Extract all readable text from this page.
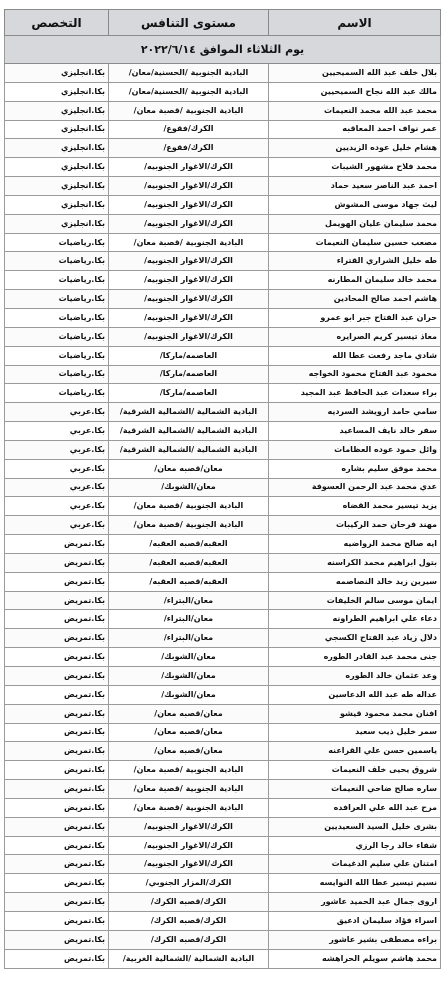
الاسم	مستوى التنافس	التخصص
يوم الثلاثاء الموافق ٢٠٢٢/٦/١٤		
بلال خلف عبد الله السميحيين	البادية الجنوبية /الحسنية/معان/	بكا.انجليزي
مالك عبد الله نجاح السميحيين	البادية الجنوبية /الحسنية/معان/	بكا.انجليزي
محمد عبد الله محمد النعيمات	البادية الجنوبية /قصبة معان/	بكا.انجليزي
عمر نواف احمد المعاقبه	الكرك/فقوع/	بكا.انجليزي
هشام خليل عوده الزيديين	الكرك/فقوع/	بكا.انجليزي
محمد فلاح مشهور الشيبات	الكرك/الاغوار الجنوبيه/	بكا.انجليزي
احمد عبد الناصر سعيد حماد	الكرك/الاغوار الجنوبيه/	بكا.انجليزي
ليث جهاد موسى المشوش	الكرك/الاغوار الجنوبيه/	بكا.انجليزي
محمد سليمان عليان الهويمل	الكرك/الاغوار الجنوبيه/	بكا.انجليزي
مصعب حسين سليمان النعيمات	البادية الجنوبية /قصبة معان/	بكا.رياضيات
طه خليل الشراري القتراء	الكرك/الاغوار الجنوبيه/	بكا.رياضيات
محمد خالد سليمان المطارنه	الكرك/الاغوار الجنوبيه/	بكا.رياضيات
هاشم احمد صالح المحادين	الكرك/الاغوار الجنوبيه/	بكا.رياضيات
حران عبد الفتاح جبر ابو عمرو	الكرك/الاغوار الجنوبيه/	بكا.رياضيات
معاذ تيسير كريم الصرايره	الكرك/الاغوار الجنوبيه/	بكا.رياضيات
شادي ماجد رفعت عطا الله	العاصمه/ماركا/	بكا.رياضيات
محمود عبد الفتاح محمود الخواجه	العاصمه/ماركا/	بكا.رياضيات
براء سعدات عبد الحافظ عبد المجيد	العاصمه/ماركا/	بكا.رياضيات
سامي حامد ارويشد السرديه	البادية الشمالية /الشمالية الشرقية/	بكا.عربي
سفر خالد نايف المساعيد	البادية الشمالية /الشمالية الشرقية/	بكا.عربي
وائل حمود عوده العظامات	البادية الشمالية /الشمالية الشرقية/	بكا.عربي
محمد موفق سليم بشاره	معان/قصبه معان/	بكا.عربي
عدي محمد عبد الرحمن العسوفة	معان/الشوبك/	بكا.عربي
يزيد تيسير محمد القضاه	البادية الجنوبية /قصبة معان/	بكا.عربي
مهند فرحان حمد الركيبات	البادية الجنوبية /قصبة معان/	بكا.عربي
ايه صالح محمد الرواضيه	العقبه/قصبه العقبه/	بكا.تمريض
بتول ابراهيم محمد الكراسنه	العقبه/قصبه العقبه/	بكا.تمريض
سيرين زيد خالد النصاصمه	العقبه/قصبه العقبه/	بكا.تمريض
ايمان موسى سالم الخليفات	معان/البتراء/	بكا.تمريض
دعاء علي ابراهيم الطراونه	معان/البتراء/	بكا.تمريض
دلال زياد عبد الفتاح الكسجي	معان/البتراء/	بكا.تمريض
جنى محمد عبد القادر الطوره	معان/الشوبك/	بكا.تمريض
وعد عثمان خالد الطوره	معان/الشوبك/	بكا.تمريض
عداله طه عبد الله الدعاسين	معان/الشوبك/	بكا.تمريض
افنان محمد محمود قيشو	معان/قصبه معان/	بكا.تمريض
سمر خليل ذيب سعيد	معان/قصبه معان/	بكا.تمريض
ياسمين حسن علي القراعنه	معان/قصبه معان/	بكا.تمريض
شروق يحيى خلف النعيمات	البادية الجنوبية /قصبة معان/	بكا.تمريض
ساره صالح ضاحي النعيمات	البادية الجنوبية /قصبة معان/	بكا.تمريض
مرح عبد الله علي العرافده	البادية الجنوبية /قصبة معان/	بكا.تمريض
بشرى خليل السيد السعيديين	الكرك/الاغوار الجنوبيه/	بكا.تمريض
شفاء خالد رجا الرزي	الكرك/الاغوار الجنوبيه/	بكا.تمريض
امتنان علي سليم الدغيمات	الكرك/الاغوار الجنوبيه/	بكا.تمريض
نسيم تيسير عطا الله النوايسه	الكرك/المزار الجنوبي/	بكا.تمريض
اروى جمال عبد الحميد عاشور	الكرك/قصبه الكرك/	بكا.تمريض
اسراء فؤاد سليمان ادعيق	الكرك/قصبه الكرك/	بكا.تمريض
براءه مصطفى بشير عاشور	الكرك/قصبه الكرك/	بكا.تمريض
محمد هاشم سويلم الحراهشه	البادية الشمالية /الشمالية الغربية/	بكا.تمريض
